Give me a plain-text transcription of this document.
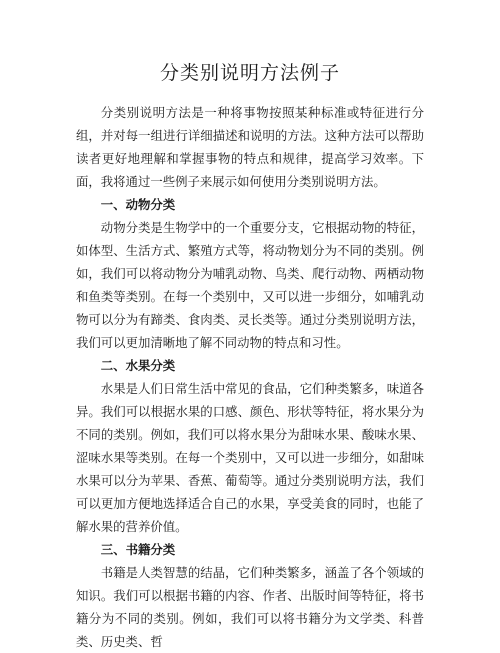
分类别说明方法例子

分类别说明方法是一种将事物按照某种标准或特征进行分组，并对每一组进行详细描述和说明的方法。这种方法可以帮助读者更好地理解和掌握事物的特点和规律，提高学习效率。下面，我将通过一些例子来展示如何使用分类别说明方法。

一、动物分类

动物分类是生物学中的一个重要分支，它根据动物的特征，如体型、生活方式、繁殖方式等，将动物划分为不同的类别。例如，我们可以将动物分为哺乳动物、鸟类、爬行动物、两栖动物和鱼类等类别。在每一个类别中，又可以进一步细分，如哺乳动物可以分为有蹄类、食肉类、灵长类等。通过分类别说明方法，我们可以更加清晰地了解不同动物的特点和习性。

二、水果分类

水果是人们日常生活中常见的食品，它们种类繁多，味道各异。我们可以根据水果的口感、颜色、形状等特征，将水果分为不同的类别。例如，我们可以将水果分为甜味水果、酸味水果、涩味水果等类别。在每一个类别中，又可以进一步细分，如甜味水果可以分为苹果、香蕉、葡萄等。通过分类别说明方法，我们可以更加方便地选择适合自己的水果，享受美食的同时，也能了解水果的营养价值。

三、书籍分类

书籍是人类智慧的结晶，它们种类繁多，涵盖了各个领域的知识。我们可以根据书籍的内容、作者、出版时间等特征，将书籍分为不同的类别。例如，我们可以将书籍分为文学类、科普类、历史类、哲
